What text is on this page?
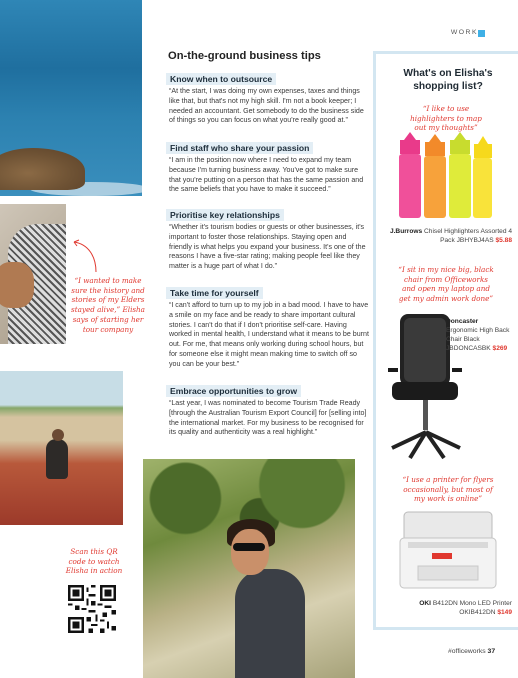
WORK
“I wanted to make sure the history and stories of my Elders stayed alive,” Elisha says of starting her tour company
Scan this QR code to watch Elisha in action
On-the-ground business tips
Know when to outsource

“At the start, I was doing my own expenses, taxes and things like that, but that's not my high skill. I'm not a book keeper; I needed an accountant. Get somebody to do the business side of things so you can focus on what you're really good at.”

Find staff who share your passion

“I am in the position now where I need to expand my team because I'm turning business away. You've got to make sure that you're putting on a person that has the same passion and the same beliefs that you have to make it succeed.”

Prioritise key relationships

“Whether it's tourism bodies or guests or other businesses, it's important to foster those relationships. Staying open and friendly is what helps you expand your business. It's one of the reasons I have a five-star rating; making people feel like they matter is a huge part of what I do.”

Take time for yourself

“I can't afford to turn up to my job in a bad mood. I have to have a smile on my face and be ready to share important cultural stories. I can't do that if I don't prioritise self-care. Having worked in mental health, I understand what it means to be burnt out. For me, that means only working during school hours, but for someone else it might mean making time to switch off so you can be your best.”

Embrace opportunities to grow

“Last year, I was nominated to become Tourism Trade Ready [through the Australian Tourism Export Council] for [selling into] the international market. For my business to be recognised for its quality and authenticity was a real highlight.”

What's on Elisha's shopping list?
“I like to use highlighters to map out my thoughts”
J.Burrows Chisel Highlighters Assorted 4 Pack JBHYBJ4AS $5.88
“I sit in my nice big, black chair from Officeworks and open my laptop and get my admin work done”
Doncaster
Ergonomic High Back Chair Black JBDONCASBK $269
“I use a printer for flyers occasionally, but most of my work is online”
OKI B412DN Mono LED Printer OKIB412DN $149
#officeworks 37
